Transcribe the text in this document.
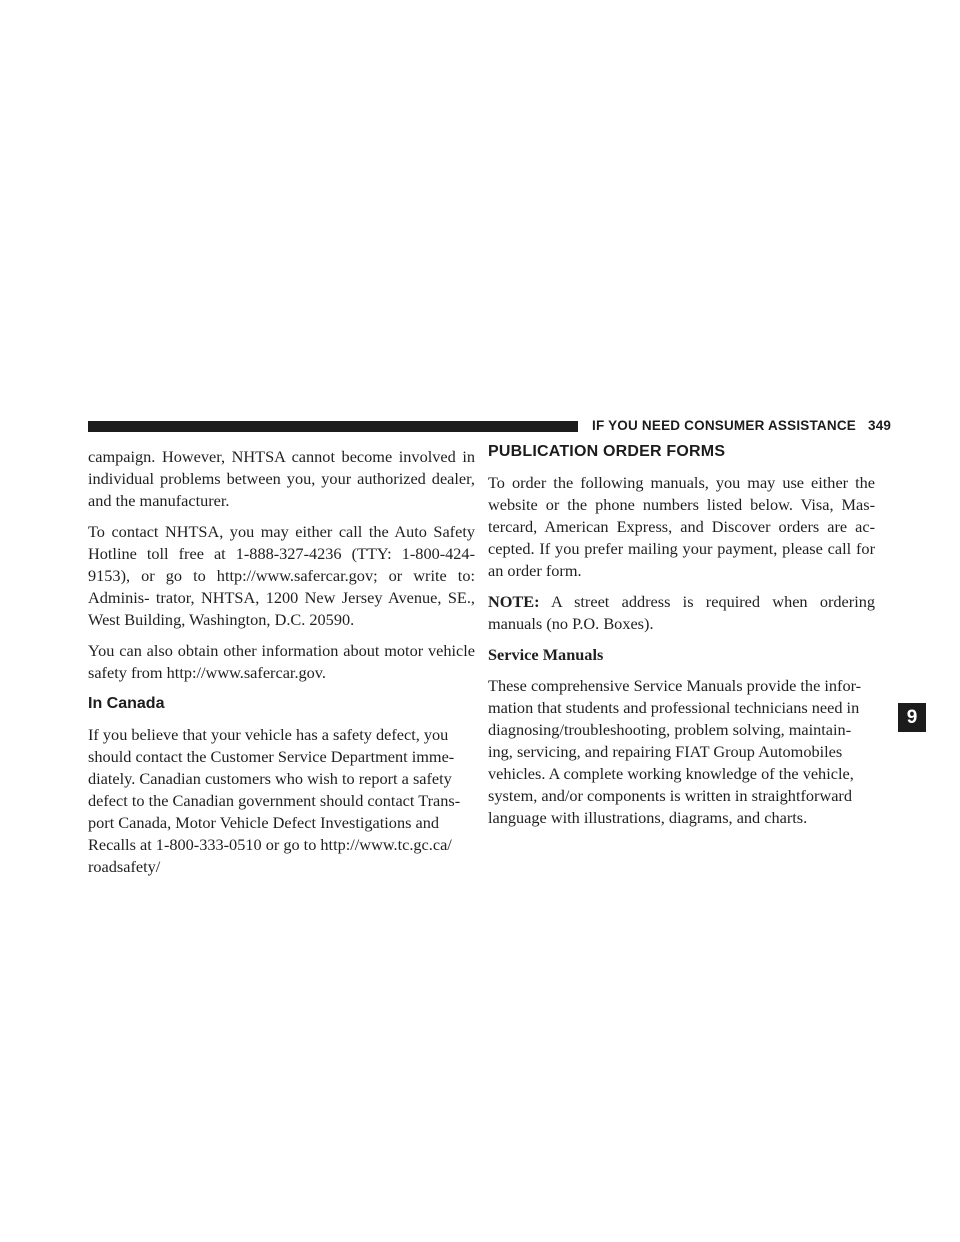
IF YOU NEED CONSUMER ASSISTANCE 349

campaign. However, NHTSA cannot become involved in individual problems between you, your authorized dealer, and the manufacturer.

To contact NHTSA, you may either call the Auto Safety Hotline toll free at 1-888-327-4236 (TTY: 1-800-424- 9153), or go to http://www.safercar.gov; or write to: Adminis- trator, NHTSA, 1200 New Jersey Avenue, SE., West Building, Washington, D.C. 20590.

You can also obtain other information about motor vehicle safety from http://www.safercar.gov.

In Canada

If you believe that your vehicle has a safety defect, you should contact the Customer Service Department imme- diately. Canadian customers who wish to report a safety defect to the Canadian government should contact Trans- port Canada, Motor Vehicle Defect Investigations and Recalls at 1-800-333-0510 or go to http://www.tc.gc.ca/ roadsafety/

PUBLICATION ORDER FORMS

To order the following manuals, you may use either the website or the phone numbers listed below. Visa, Mas- tercard, American Express, and Discover orders are ac- cepted. If you prefer mailing your payment, please call for an order form.

NOTE: A street address is required when ordering manuals (no P.O. Boxes).

Service Manuals

These comprehensive Service Manuals provide the infor- mation that students and professional technicians need in diagnosing/troubleshooting, problem solving, maintain- ing, servicing, and repairing FIAT Group Automobiles vehicles. A complete working knowledge of the vehicle, system, and/or components is written in straightforward language with illustrations, diagrams, and charts.

9
